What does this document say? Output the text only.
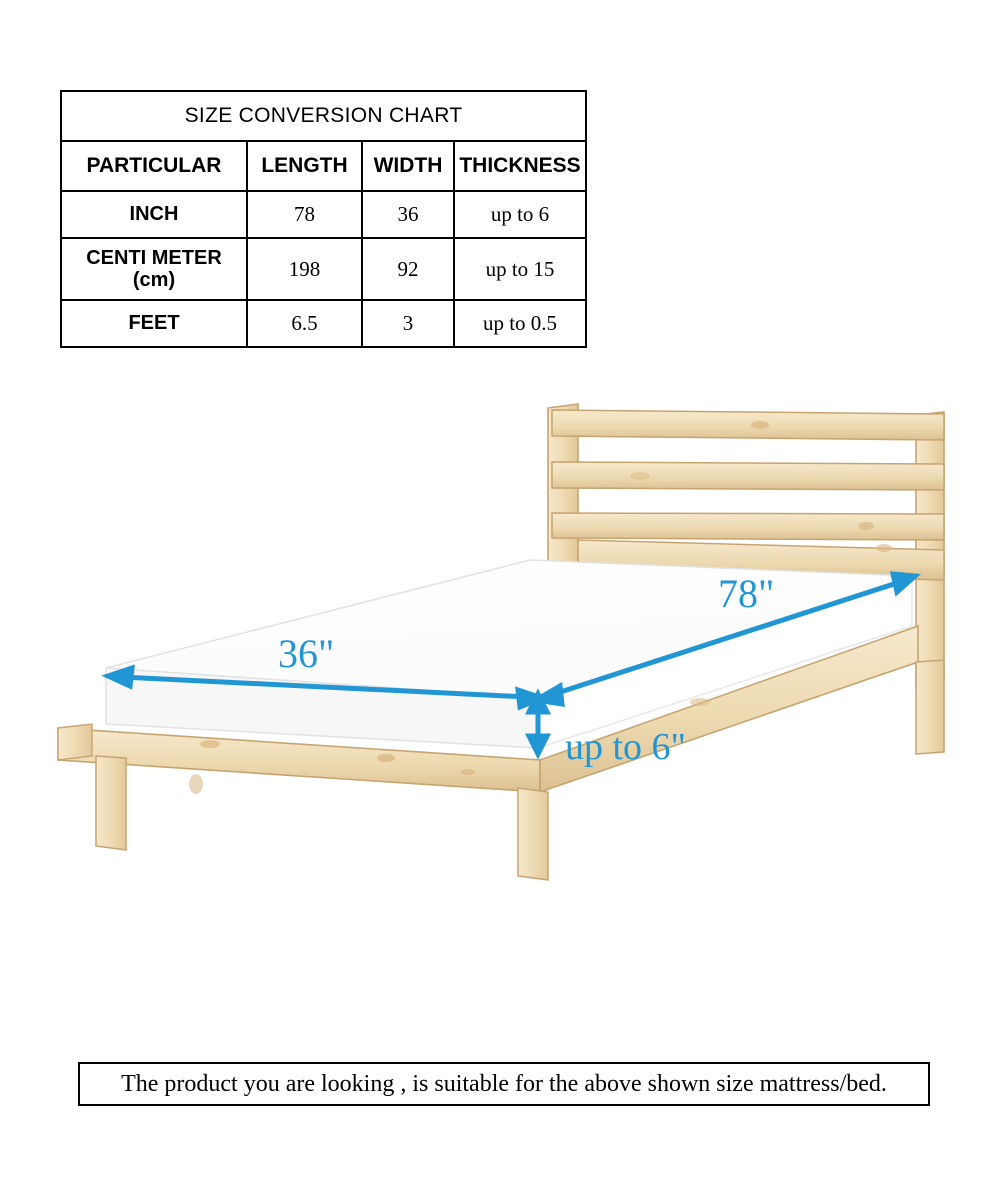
SIZE CONVERSION CHART			
PARTICULAR	LENGTH	WIDTH	THICKNESS
INCH	78	36	up to 6

CENTI METER
(cm)	198	92	up to 15
FEET	6.5	3	up to 0.5
36"
78"
up to 6"
The product you are looking , is suitable for the above shown size mattress/bed.
